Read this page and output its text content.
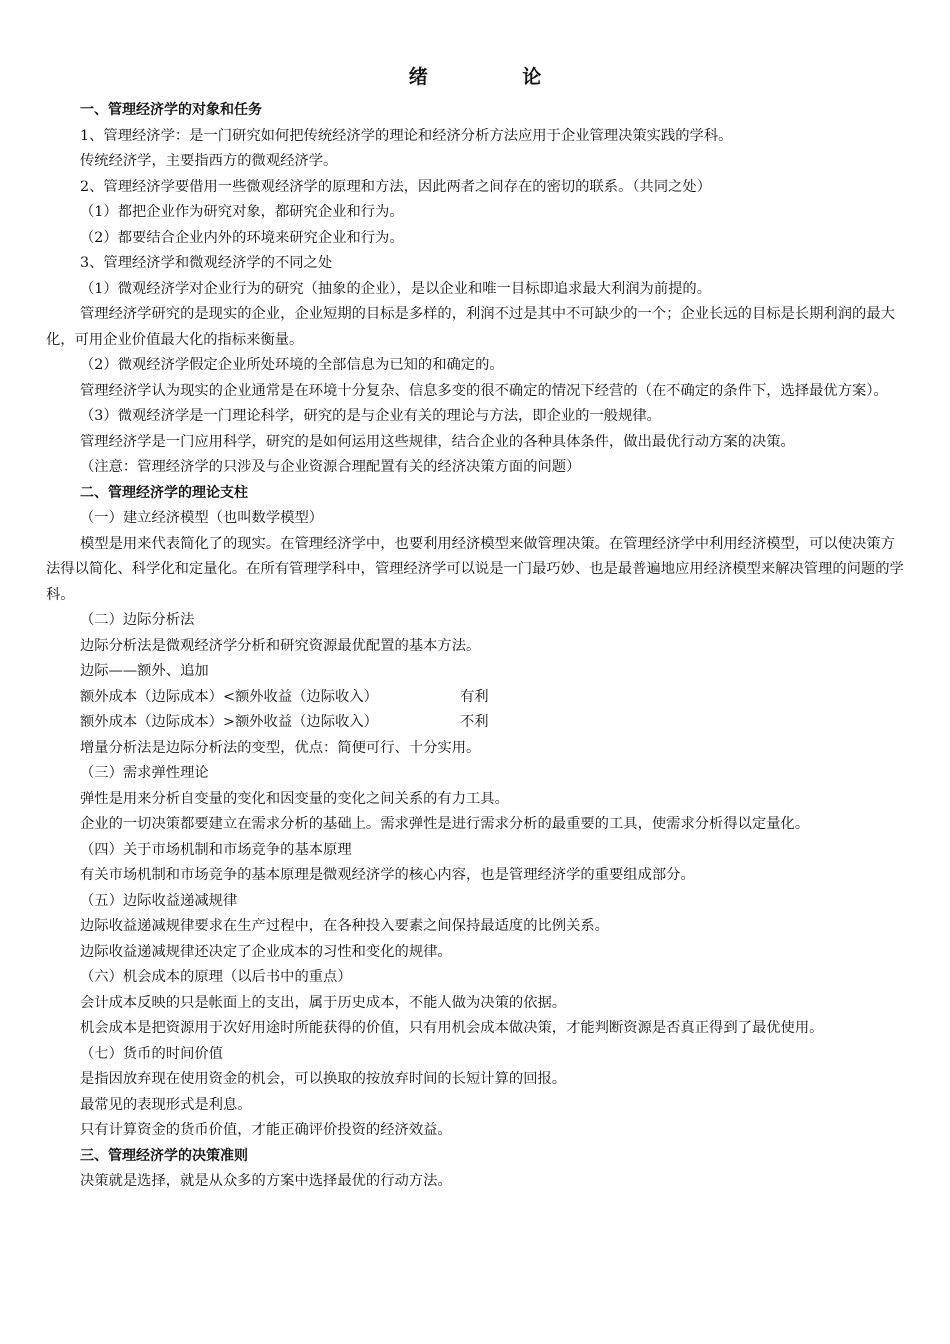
绪 论

一、管理经济学的对象和任务

1、管理经济学：是一门研究如何把传统经济学的理论和经济分析方法应用于企业管理决策实践的学科。

传统经济学，主要指西方的微观经济学。

2、管理经济学要借用一些微观经济学的原理和方法，因此两者之间存在的密切的联系。（共同之处）

（1）都把企业作为研究对象，都研究企业和行为。

（2）都要结合企业内外的环境来研究企业和行为。

3、管理经济学和微观经济学的不同之处

（1）微观经济学对企业行为的研究（抽象的企业），是以企业和唯一目标即追求最大利润为前提的。

管理经济学研究的是现实的企业，企业短期的目标是多样的，利润不过是其中不可缺少的一个；企业长远的目标是长期利润的最大化，可用企业价值最大化的指标来衡量。

（2）微观经济学假定企业所处环境的全部信息为已知的和确定的。

管理经济学认为现实的企业通常是在环境十分复杂、信息多变的很不确定的情况下经营的（在不确定的条件下，选择最优方案）。

（3）微观经济学是一门理论科学，研究的是与企业有关的理论与方法，即企业的一般规律。

管理经济学是一门应用科学，研究的是如何运用这些规律，结合企业的各种具体条件，做出最优行动方案的决策。

（注意：管理经济学的只涉及与企业资源合理配置有关的经济决策方面的问题）

二、管理经济学的理论支柱

（一）建立经济模型（也叫数学模型）

模型是用来代表简化了的现实。在管理经济学中，也要利用经济模型来做管理决策。在管理经济学中利用经济模型，可以使决策方法得以简化、科学化和定量化。在所有管理学科中，管理经济学可以说是一门最巧妙、也是最普遍地应用经济模型来解决管理的问题的学科。

（二）边际分析法

边际分析法是微观经济学分析和研究资源最优配置的基本方法。

边际——额外、追加

额外成本（边际成本）<额外收益（边际收入）	有利
额外成本（边际成本）>额外收益（边际收入）	不利

增量分析法是边际分析法的变型，优点：简便可行、十分实用。

（三）需求弹性理论

弹性是用来分析自变量的变化和因变量的变化之间关系的有力工具。

企业的一切决策都要建立在需求分析的基础上。需求弹性是进行需求分析的最重要的工具，使需求分析得以定量化。

（四）关于市场机制和市场竞争的基本原理

有关市场机制和市场竞争的基本原理是微观经济学的核心内容，也是管理经济学的重要组成部分。

（五）边际收益递减规律

边际收益递减规律要求在生产过程中，在各种投入要素之间保持最适度的比例关系。

边际收益递减规律还决定了企业成本的习性和变化的规律。

（六）机会成本的原理（以后书中的重点）

会计成本反映的只是帐面上的支出，属于历史成本，不能人做为决策的依据。

机会成本是把资源用于次好用途时所能获得的价值，只有用机会成本做决策，才能判断资源是否真正得到了最优使用。

（七）货币的时间价值

是指因放弃现在使用资金的机会，可以换取的按放弃时间的长短计算的回报。

最常见的表现形式是利息。

只有计算资金的货币价值，才能正确评价投资的经济效益。

三、管理经济学的决策准则

决策就是选择，就是从众多的方案中选择最优的行动方法。
